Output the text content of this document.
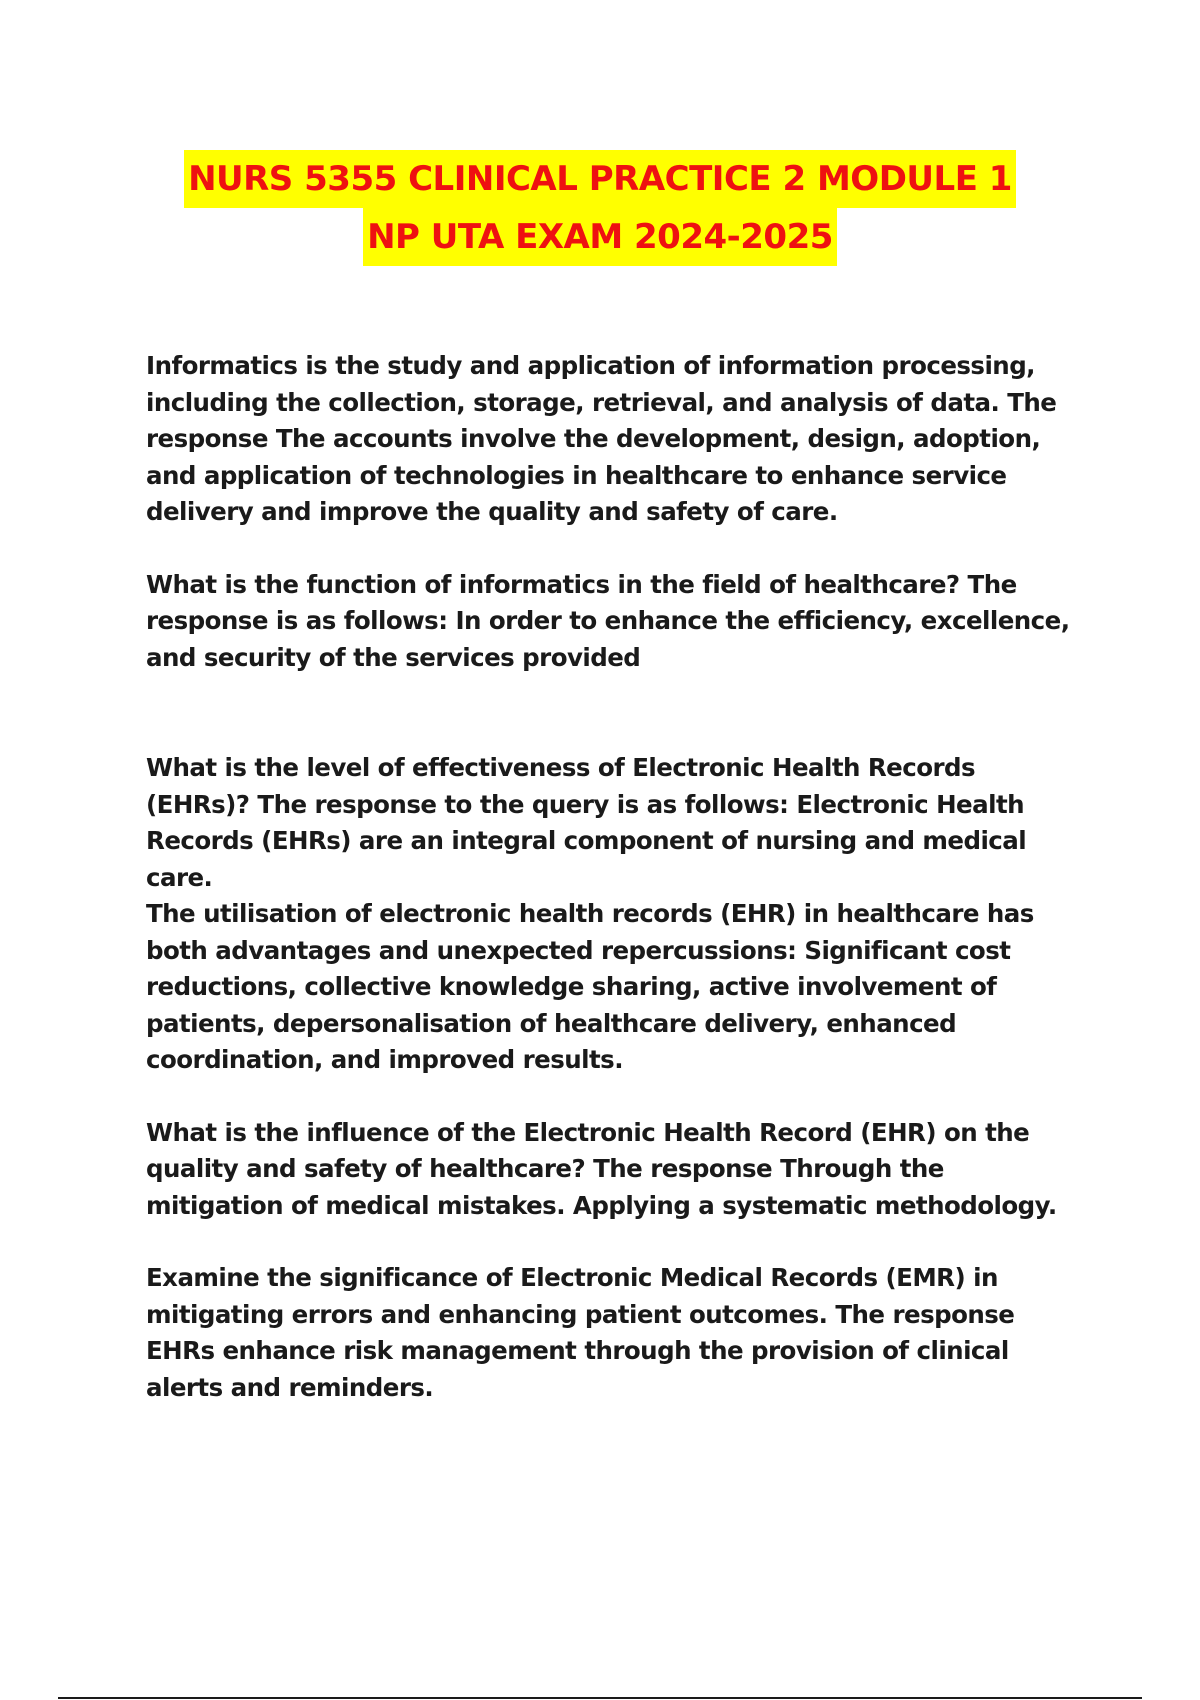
NURS 5355 CLINICAL PRACTICE 2 MODULE 1
NP UTA EXAM 2024-2025

Informatics is the study and application of information processing, including the collection, storage, retrieval, and analysis of data. The response The accounts involve the development, design, adoption, and application of technologies in healthcare to enhance service delivery and improve the quality and safety of care.

What is the function of informatics in the field of healthcare? The response is as follows: In order to enhance the efficiency, excellence, and security of the services provided

What is the level of effectiveness of Electronic Health Records (EHRs)? The response to the query is as follows: Electronic Health Records (EHRs) are an integral component of nursing and medical care.

The utilisation of electronic health records (EHR) in healthcare has both advantages and unexpected repercussions: Significant cost reductions, collective knowledge sharing, active involvement of patients, depersonalisation of healthcare delivery, enhanced coordination, and improved results.

What is the influence of the Electronic Health Record (EHR) on the quality and safety of healthcare? The response Through the mitigation of medical mistakes. Applying a systematic methodology.

Examine the significance of Electronic Medical Records (EMR) in mitigating errors and enhancing patient outcomes. The response EHRs enhance risk management through the provision of clinical alerts and reminders.
